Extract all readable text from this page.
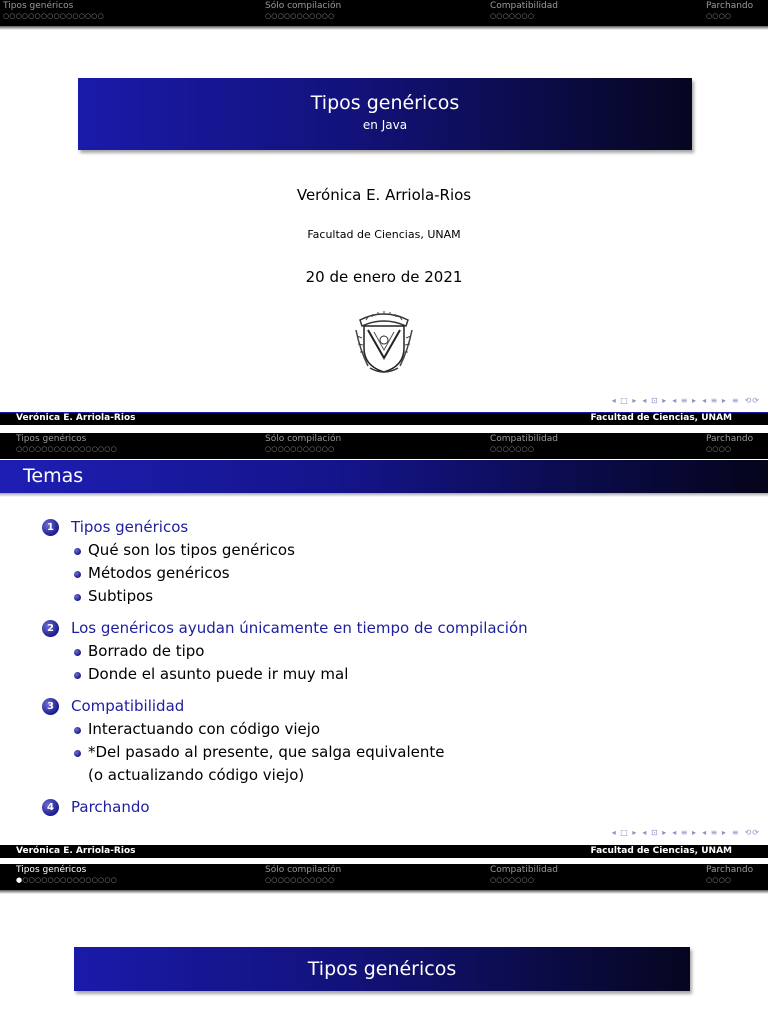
Tipos genéricos
○○○○○○○○○○○○○○○○
Sólo compilación
○○○○○○○○○○○
Compatibilidad
○○○○○○○
Parchando
○○○○
Tipos genéricos
en Java
Verónica E. Arriola-Rios
Facultad de Ciencias, UNAM
20 de enero de 2021
◂ □ ▸ ◂ ⊡ ▸ ◂ ≡ ▸ ◂ ≡ ▸ ≡ ⟲⟳
Verónica E. Arriola-Rios	Facultad de Ciencias, UNAM
Tipos genéricos
○○○○○○○○○○○○○○○○
Sólo compilación
○○○○○○○○○○○
Compatibilidad
○○○○○○○
Parchando
○○○○
Temas
1	Tipos genéricos
Qué son los tipos genéricos
Métodos genéricos
Subtipos
2	Los genéricos ayudan únicamente en tiempo de compilación
Borrado de tipo
Donde el asunto puede ir muy mal
3	Compatibilidad
Interactuando con código viejo
*Del pasado al presente, que salga equivalente
(o actualizando código viejo)
4	Parchando
◂ □ ▸ ◂ ⊡ ▸ ◂ ≡ ▸ ◂ ≡ ▸ ≡ ⟲⟳
Verónica E. Arriola-Rios	Facultad de Ciencias, UNAM
Tipos genéricos
●○○○○○○○○○○○○○○○
Sólo compilación
○○○○○○○○○○○
Compatibilidad
○○○○○○○
Parchando
○○○○
Tipos genéricos
